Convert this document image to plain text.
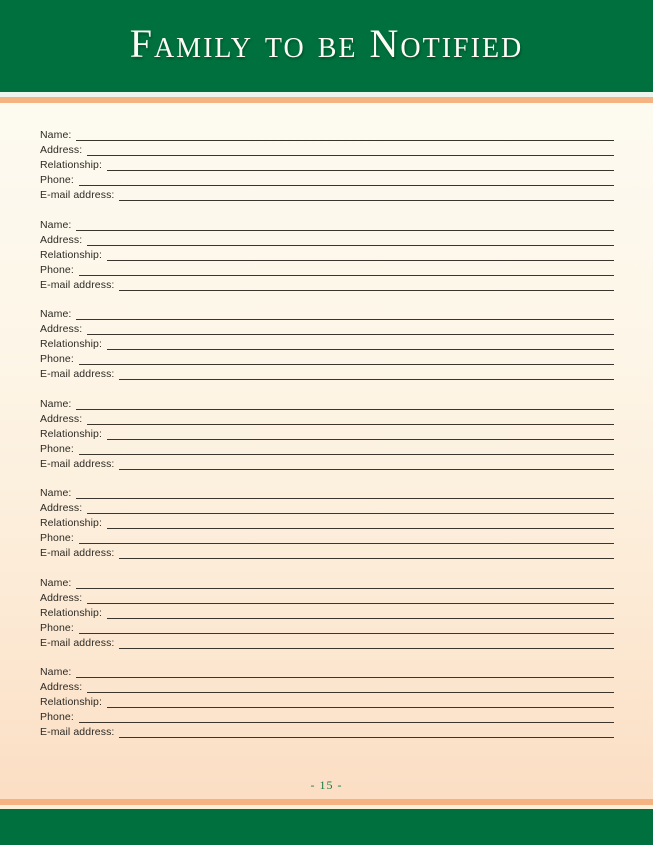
Family to be Notified
Name:
Address:
Relationship:
Phone:
E-mail address:
Name:
Address:
Relationship:
Phone:
E-mail address:
Name:
Address:
Relationship:
Phone:
E-mail address:
Name:
Address:
Relationship:
Phone:
E-mail address:
Name:
Address:
Relationship:
Phone:
E-mail address:
Name:
Address:
Relationship:
Phone:
E-mail address:
Name:
Address:
Relationship:
Phone:
E-mail address:
- 15 -
